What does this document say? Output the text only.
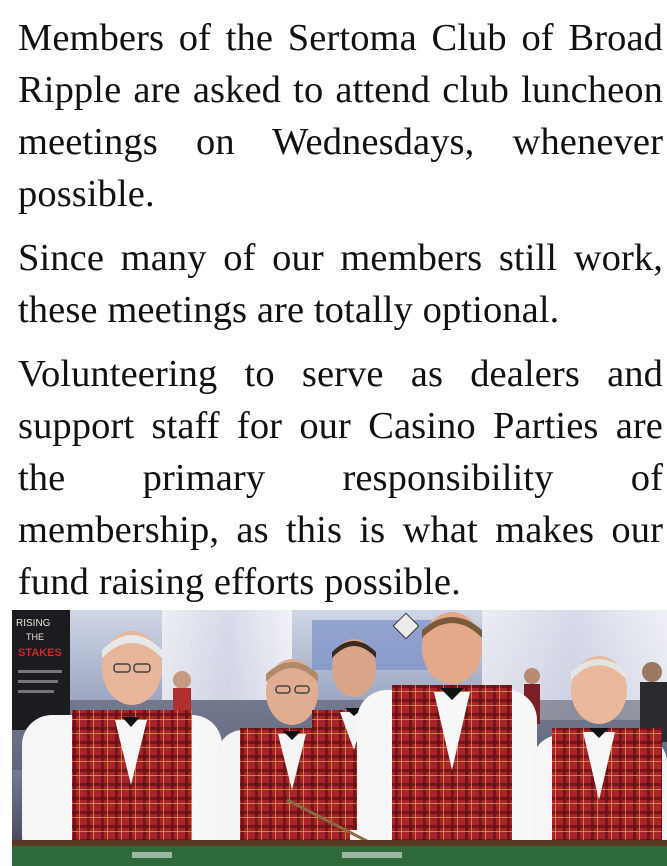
Members of the Sertoma Club of Broad Ripple are asked to attend club luncheon meetings on Wednesdays, whenever possible.

Since many of our members still work, these meetings are totally optional.

Volunteering to serve as dealers and support staff for our Casino Parties are the primary responsibility of membership, as this is what makes our fund raising efforts possible.

RISING
THE
STAKES
